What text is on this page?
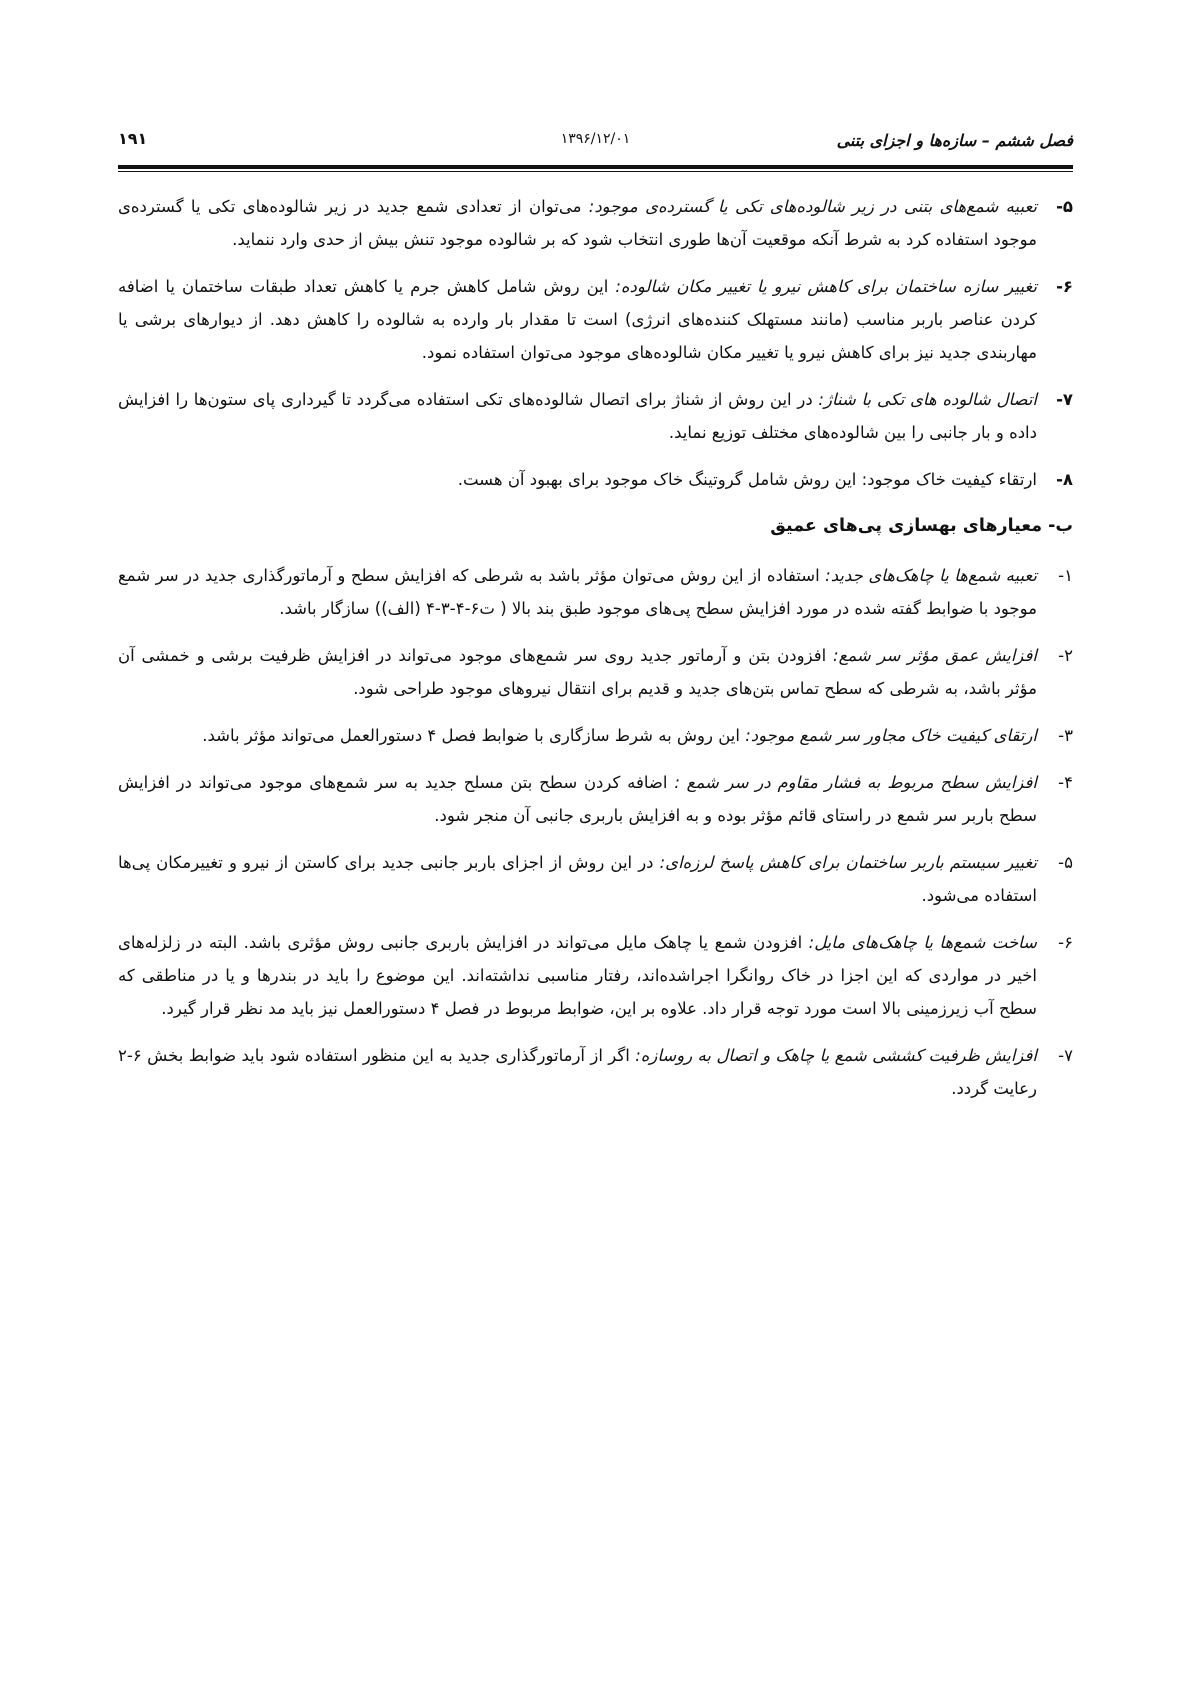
فصل ششم – سازه‌ها و اجزای بتنی
۱۳۹۶/۱۲/۰۱
۱۹۱
۵-
تعبیه شمع‌های بتنی در زیر شالوده‌های تکی یا گسترده‌ی موجود: می‌توان از تعدادی شمع جدید در زیر شالوده‌های تکی یا گسترده‌ی موجود استفاده کرد به شرط آنکه موقعیت آن‌ها طوری انتخاب شود که بر شالوده موجود تنش بیش از حدی وارد ننماید.
۶-
تغییر سازه ساختمان برای کاهش نیرو یا تغییر مکان شالوده: این روش شامل کاهش جرم یا کاهش تعداد طبقات ساختمان یا اضافه کردن عناصر باربر مناسب (مانند مستهلک کننده‌های انرژی) است تا مقدار بار وارده به شالوده را کاهش دهد. از دیوارهای برشی یا مهاربندی جدید نیز برای کاهش نیرو یا تغییر مکان شالوده‌های موجود می‌توان استفاده نمود.
۷-
اتصال شالوده های تکی با شناژ: در این روش از شناژ برای اتصال شالوده‌های تکی استفاده می‌گردد تا گیرداری پای ستون‌ها را افزایش داده و بار جانبی را بین شالوده‌های مختلف توزیع نماید.
۸-
ارتقاء کیفیت خاک موجود: این روش شامل گروتینگ خاک موجود برای بهبود آن هست.
ب- معیارهای بهسازی پی‌های عمیق
۱-
تعبیه شمع‌ها یا چاهک‌های جدید: استفاده از این روش می‌توان مؤثر باشد به شرطی که افزایش سطح و آرماتورگذاری جدید در سر شمع موجود با ضوابط گفته شده در مورد افزایش سطح پی‌های موجود طبق بند بالا ( ت۶-۴-۳-۴ (الف)) سازگار باشد.
۲-
افزایش عمق مؤثر سر شمع: افزودن بتن و آرماتور جدید روی سر شمع‌های موجود می‌تواند در افزایش ظرفیت برشی و خمشی آن مؤثر باشد، به شرطی که سطح تماس بتن‌های جدید و قدیم برای انتقال نیروهای موجود طراحی شود.
۳-
ارتقای کیفیت خاک مجاور سر شمع موجود: این روش به شرط سازگاری با ضوابط فصل ۴ دستورالعمل می‌تواند مؤثر باشد.
۴-
افزایش سطح مربوط به فشار مقاوم در سر شمع : اضافه کردن سطح بتن مسلح جدید به سر شمع‌های موجود می‌تواند در افزایش سطح باربر سر شمع در راستای قائم مؤثر بوده و به افزایش باربری جانبی آن منجر شود.
۵-
تغییر سیستم باربر ساختمان برای کاهش پاسخ لرزه‌ای: در این روش از اجزای باربر جانبی جدید برای کاستن از نیرو و تغییرمکان پی‌ها استفاده می‌شود.
۶-
ساخت شمع‌ها یا چاهک‌های مایل: افزودن شمع یا چاهک مایل می‌تواند در افزایش باربری جانبی روش مؤثری باشد. البته در زلزله‌های اخیر در مواردی که این اجزا در خاک روانگرا اجراشده‌اند، رفتار مناسبی نداشته‌اند. این موضوع را باید در بندرها و یا در مناطقی که سطح آب زیرزمینی بالا است مورد توجه قرار داد. علاوه بر این، ضوابط مربوط در فصل ۴ دستورالعمل نیز باید مد نظر قرار گیرد.
۷-
افزایش ظرفیت کششی شمع یا چاهک و اتصال به روسازه: اگر از آرماتورگذاری جدید به این منظور استفاده شود باید ضوابط بخش ۶-۲ رعایت گردد.
